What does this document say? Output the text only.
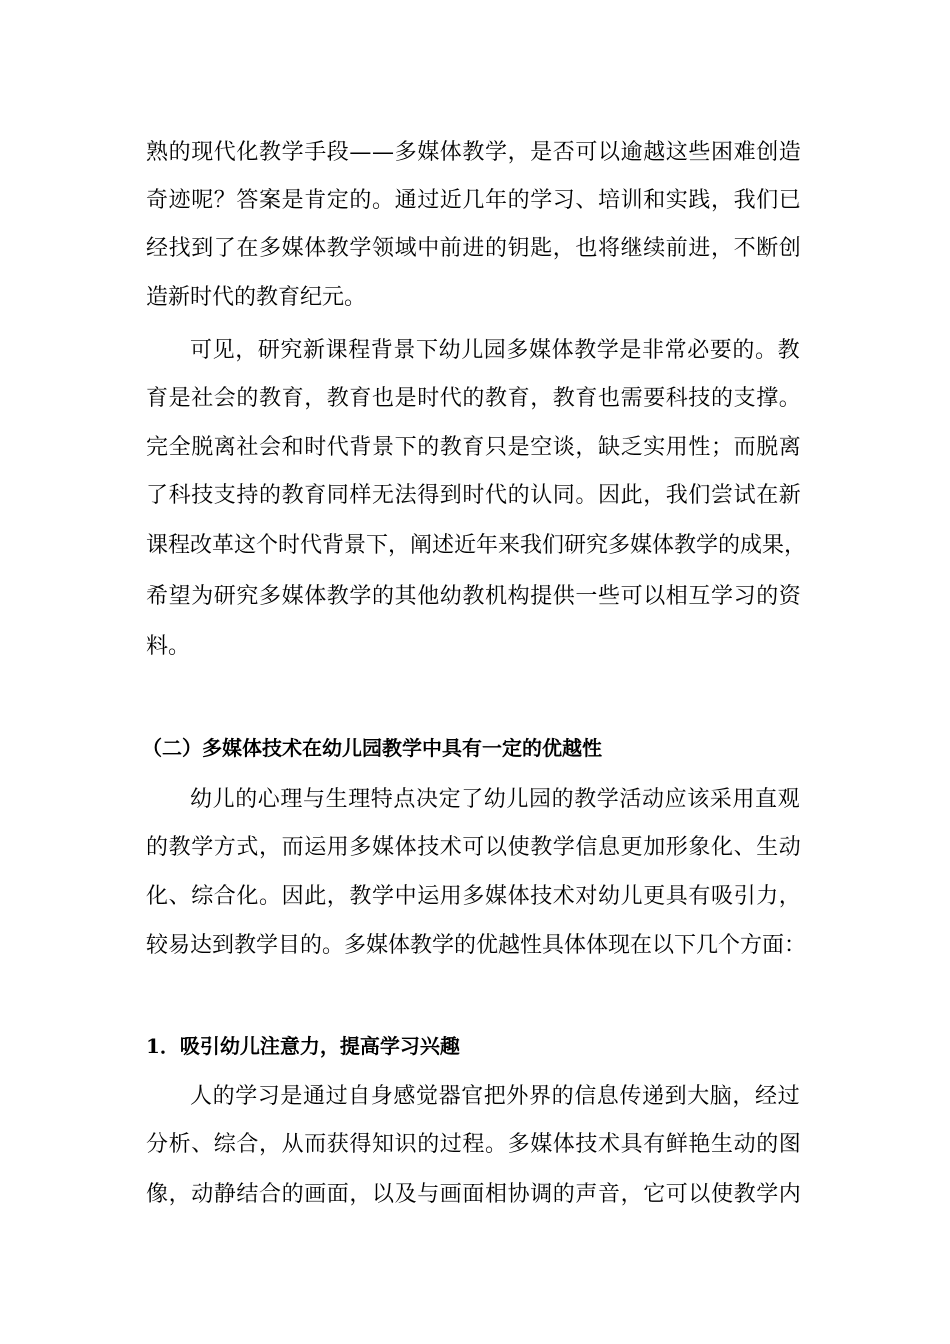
熟的现代化教学手段——多媒体教学，是否可以逾越这些困难创造
奇迹呢？答案是肯定的。通过近几年的学习、培训和实践，我们已
经找到了在多媒体教学领域中前进的钥匙，也将继续前进，不断创
造新时代的教育纪元。
可见，研究新课程背景下幼儿园多媒体教学是非常必要的。教
育是社会的教育，教育也是时代的教育，教育也需要科技的支撑。
完全脱离社会和时代背景下的教育只是空谈，缺乏实用性；而脱离
了科技支持的教育同样无法得到时代的认同。因此，我们尝试在新
课程改革这个时代背景下，阐述近年来我们研究多媒体教学的成果，
希望为研究多媒体教学的其他幼教机构提供一些可以相互学习的资
料。
（二）多媒体技术在幼儿园教学中具有一定的优越性
幼儿的心理与生理特点决定了幼儿园的教学活动应该采用直观
的教学方式，而运用多媒体技术可以使教学信息更加形象化、生动
化、综合化。因此，教学中运用多媒体技术对幼儿更具有吸引力，
较易达到教学目的。多媒体教学的优越性具体体现在以下几个方面：
1．吸引幼儿注意力，提高学习兴趣
人的学习是通过自身感觉器官把外界的信息传递到大脑，经过
分析、综合，从而获得知识的过程。多媒体技术具有鲜艳生动的图
像，动静结合的画面，以及与画面相协调的声音，它可以使教学内
